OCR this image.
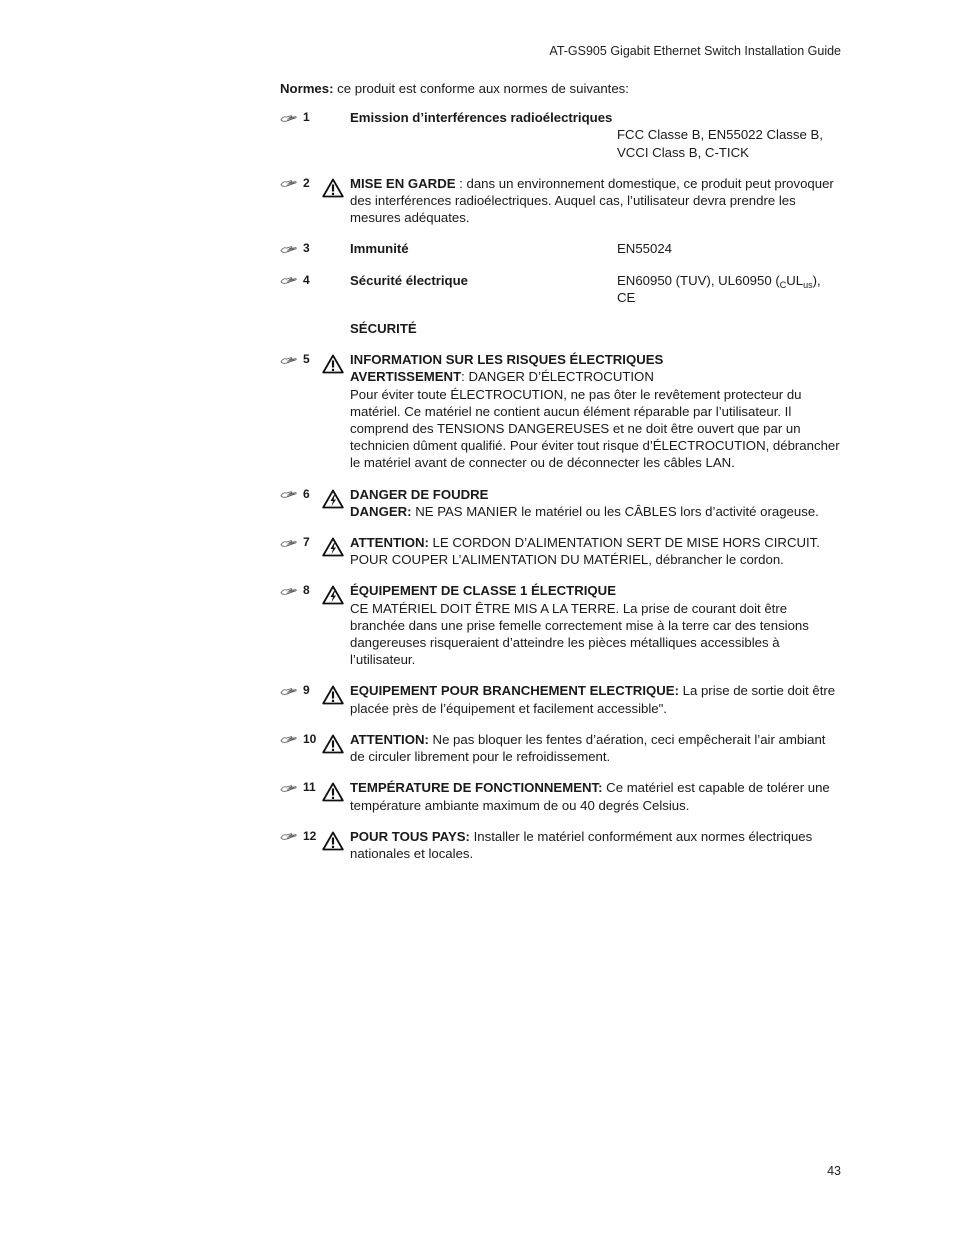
AT-GS905 Gigabit Ethernet Switch Installation Guide
Normes: ce produit est conforme aux normes de suivantes:
1	Emission d’interférences radioélectriques
FCC Classe B, EN55022 Classe B,
VCCI Class B, C-TICK
2	MISE EN GARDE : dans un environnement domestique, ce produit peut provoquer des interférences radioélectriques. Auquel cas, l’utilisateur devra prendre les mesures adéquates.
3	Immunité	EN55024
4	Sécurité électrique	EN60950 (TUV), UL60950 $(_CUL_{us})$, CE
SÉCURITÉ
5	INFORMATION SUR LES RISQUES ÉLECTRIQUES
AVERTISSEMENT: DANGER D’ÉLECTROCUTION
Pour éviter toute ÉLECTROCUTION, ne pas ôter le revêtement protecteur du matériel. Ce matériel ne contient aucun élément réparable par l’utilisateur. Il comprend des TENSIONS DANGEREUSES et ne doit être ouvert que par un technicien dûment qualifié. Pour éviter tout risque d’ÉLECTROCUTION, débrancher le matériel avant de connecter ou de déconnecter les câbles LAN.
6	DANGER DE FOUDRE
DANGER: NE PAS MANIER le matériel ou les CÂBLES lors d’activité orageuse.
7	ATTENTION: LE CORDON D’ALIMENTATION SERT DE MISE HORS CIRCUIT. POUR COUPER L’ALIMENTATION DU MATÉRIEL, débrancher le cordon.
8	ÉQUIPEMENT DE CLASSE 1 ÉLECTRIQUE
CE MATÉRIEL DOIT ÊTRE MIS A LA TERRE. La prise de courant doit être branchée dans une prise femelle correctement mise à la terre car des tensions dangereuses risqueraient d’atteindre les pièces métalliques accessibles à l’utilisateur.
9	EQUIPEMENT POUR BRANCHEMENT ELECTRIQUE: La prise de sortie doit être placée près de l’équipement et facilement accessible".
10	ATTENTION: Ne pas bloquer les fentes d’aération, ceci empêcherait l’air ambiant de circuler librement pour le refroidissement.
11	TEMPÉRATURE DE FONCTIONNEMENT: Ce matériel est capable de tolérer une température ambiante maximum de ou 40 degrés Celsius.
12	POUR TOUS PAYS: Installer le matériel conformément aux normes électriques nationales et locales.
43
